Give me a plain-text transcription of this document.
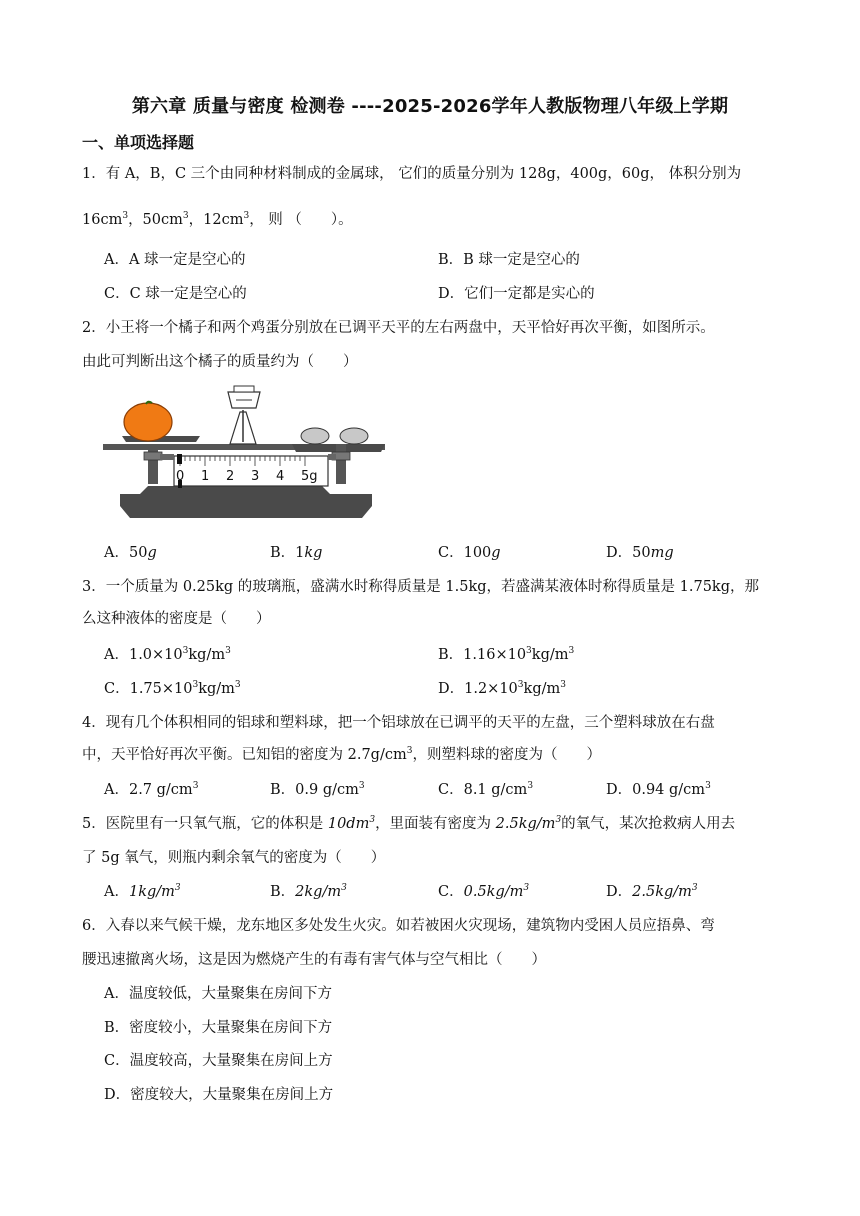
第六章 质量与密度 检测卷 ----2025-2026学年人教版物理八年级上学期
一、单项选择题
1．有 A，B，C 三个由同种材料制成的金属球， 它们的质量分别为 128g，400g，60g， 体积分别为
$16cm^3$，$50cm^3$，$12cm^3$， 则 （　　）。
A．A 球一定是空心的	B．B 球一定是空心的
C．C 球一定是空心的	D．它们一定都是实心的
2．小王将一个橘子和两个鸡蛋分别放在已调平天平的左右两盘中，天平恰好再次平衡，如图所示。
由此可判断出这个橘子的质量约为（　　）
0 1 2 3 4 5g
A．50g	B．1kg	C．100g	D．50mg
3．一个质量为 0.25kg 的玻璃瓶，盛满水时称得质量是 1.5kg，若盛满某液体时称得质量是 1.75kg，那
么这种液体的密度是（　　）
A．$1.0\times 10^3kg/m^3$	B．$1.16\times 10^3kg/m^3$
C．$1.75\times 10^3kg/m^3$	D．$1.2\times 10^3kg/m^3$
4．现有几个体积相同的铝球和塑料球，把一个铝球放在已调平的天平的左盘，三个塑料球放在右盘
中，天平恰好再次平衡。已知铝的密度为 $2.7g/cm^3$，则塑料球的密度为（　　）
A．2.7 $g/cm^3$	B．0.9 $g/cm^3$	C．8.1 $g/cm^3$	D．0.94 $g/cm^3$
5．医院里有一只氧气瓶，它的体积是 $10dm^3$，里面装有密度为 $2.5kg/m^3$的氧气，某次抢救病人用去
了 5g 氧气，则瓶内剩余氧气的密度为（　　）
A．$1kg/m^3$	B．$2kg/m^3$	C．$0.5kg/m^3$	D．$2.5kg/m^3$
6．入春以来气候干燥，龙东地区多处发生火灾。如若被困火灾现场，建筑物内受困人员应捂鼻、弯
腰迅速撤离火场，这是因为燃烧产生的有毒有害气体与空气相比（　　）
A．温度较低，大量聚集在房间下方
B．密度较小，大量聚集在房间下方
C．温度较高，大量聚集在房间上方
D．密度较大，大量聚集在房间上方
